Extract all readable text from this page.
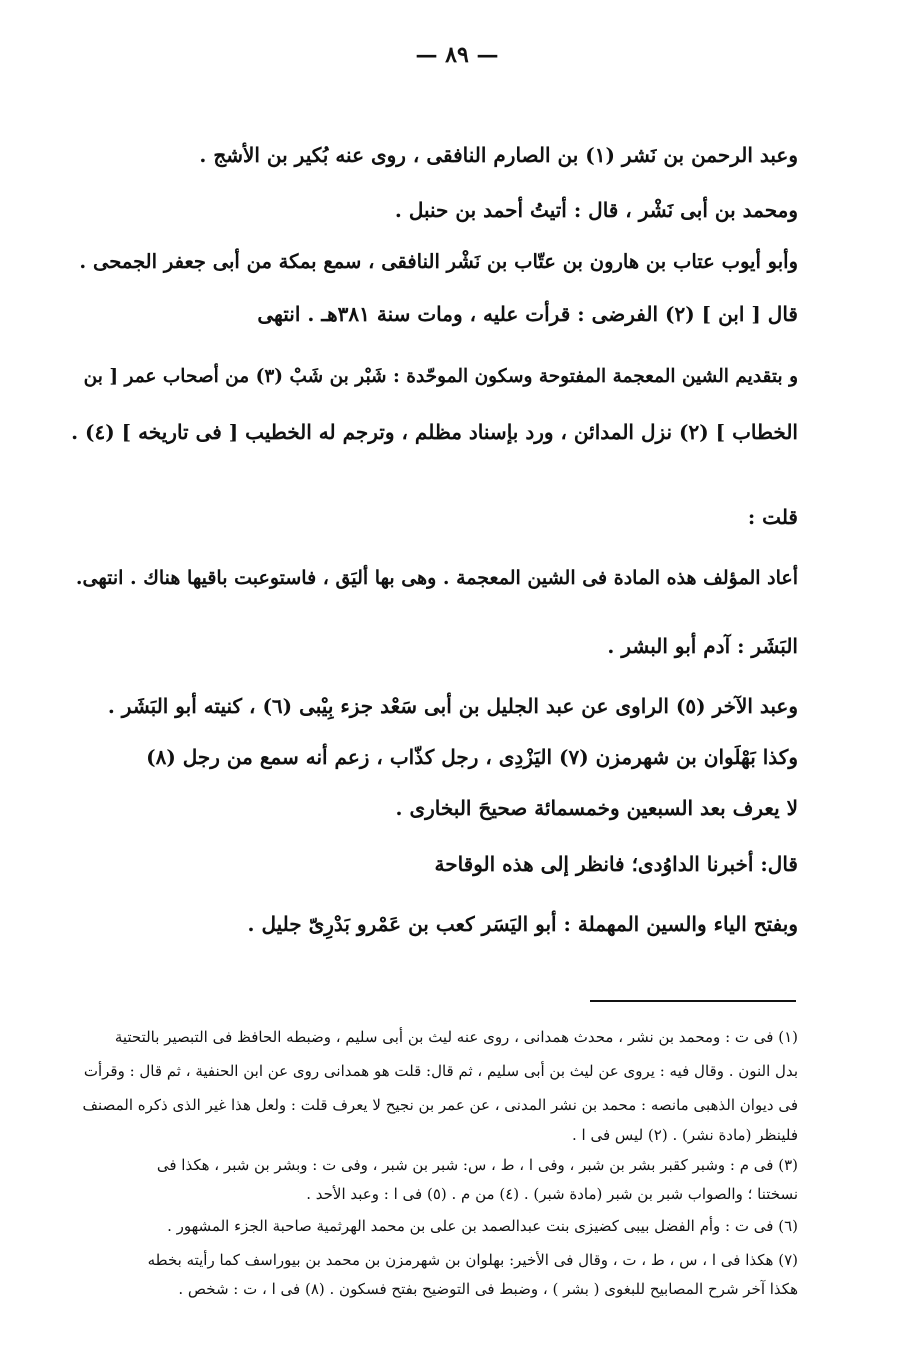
— ٨٩ —
وعبد الرحمن بن نَشر (١) بن الصارم النافقى ، روى عنه بُكير بن الأشج .
ومحمد بن أبى نَشْر ، قال : أتيتُ أحمد بن حنبل .
وأبو أيوب عتاب بن هارون بن عتّاب بن نَشْر النافقى ، سمع بمكة من أبى جعفر الجمحى .
قال [ ابن ] (٢) الفرضى : قرأت عليه ، ومات سنة ٣٨١هـ . انتهى
و بتقديم الشين المعجمة المفتوحة وسكون الموحّدة : شَبْر بن شَبْ (٣) من أصحاب عمر [ بن
الخطاب ] (٢) نزل المدائن ، ورد بإسناد مظلم ، وترجم له الخطيب [ فى تاريخه ] (٤) .
قلت :
أعاد المؤلف هذه المادة فى الشين المعجمة . وهى بها أليَق ، فاستوعبت باقيها هناك . انتهى.
البَشَر : آدم أبو البشر .
وعبد الآخر (٥) الراوى عن عبد الجليل بن أبى سَعْد جزء بِيْبى (٦) ، كنيته أبو البَشَر .
وكذا بَهْلَوان بن شهرمزن (٧) اليَزْدِى ، رجل كذّاب ، زعم أنه سمع من رجل (٨)
لا يعرف بعد السبعين وخمسمائة صحيحَ البخارى .
قال: أخبرنا الداوُدى؛ فانظر إلى هذه الوقاحة
وبفتح الياء والسين المهملة : أبو اليَسَر كعب بن عَمْرو بَدْرِىّ جليل .
(١) فى ت : ومحمد بن نشر ، محدث همدانى ، روى عنه ليث بن أبى سليم ، وضبطه الحافظ فى التبصير بالتحتية
بدل النون . وقال فيه : يروى عن ليث بن أبى سليم ، ثم قال: قلت هو همدانى روى عن ابن الحنفية ، ثم قال : وقرأت
فى ديوان الذهبى مانصه : محمد بن نشر المدنى ، عن عمر بن نجيح لا يعرف قلت : ولعل هذا غير الذى ذكره المصنف
فلينظر (مادة نشر) . (٢) ليس فى ا .
(٣) فى م : وشبر كقبر بشر بن شبر ، وفى ا ، ط ، س: شبر بن شبر ، وفى ت : وبشر بن شبر ، هكذا فى
نسختنا ؛ والصواب شبر بن شبر (مادة شبر) . (٤) من م . (٥) فى ا : وعبد الأحد .
(٦) فى ت : وأم الفضل بيبى كضيزى بنت عبدالصمد بن على بن محمد الهرثمية صاحبة الجزء المشهور .
(٧) هكذا فى ا ، س ، ط ، ت ، وقال فى الأخير: بهلوان بن شهرمزن بن محمد بن بيوراسف كما رأيته بخطه
هكذا آخر شرح المصابيح للبغوى ( بشر ) ، وضبط فى التوضيح بفتح فسكون . (٨) فى ا ، ت : شخص .
